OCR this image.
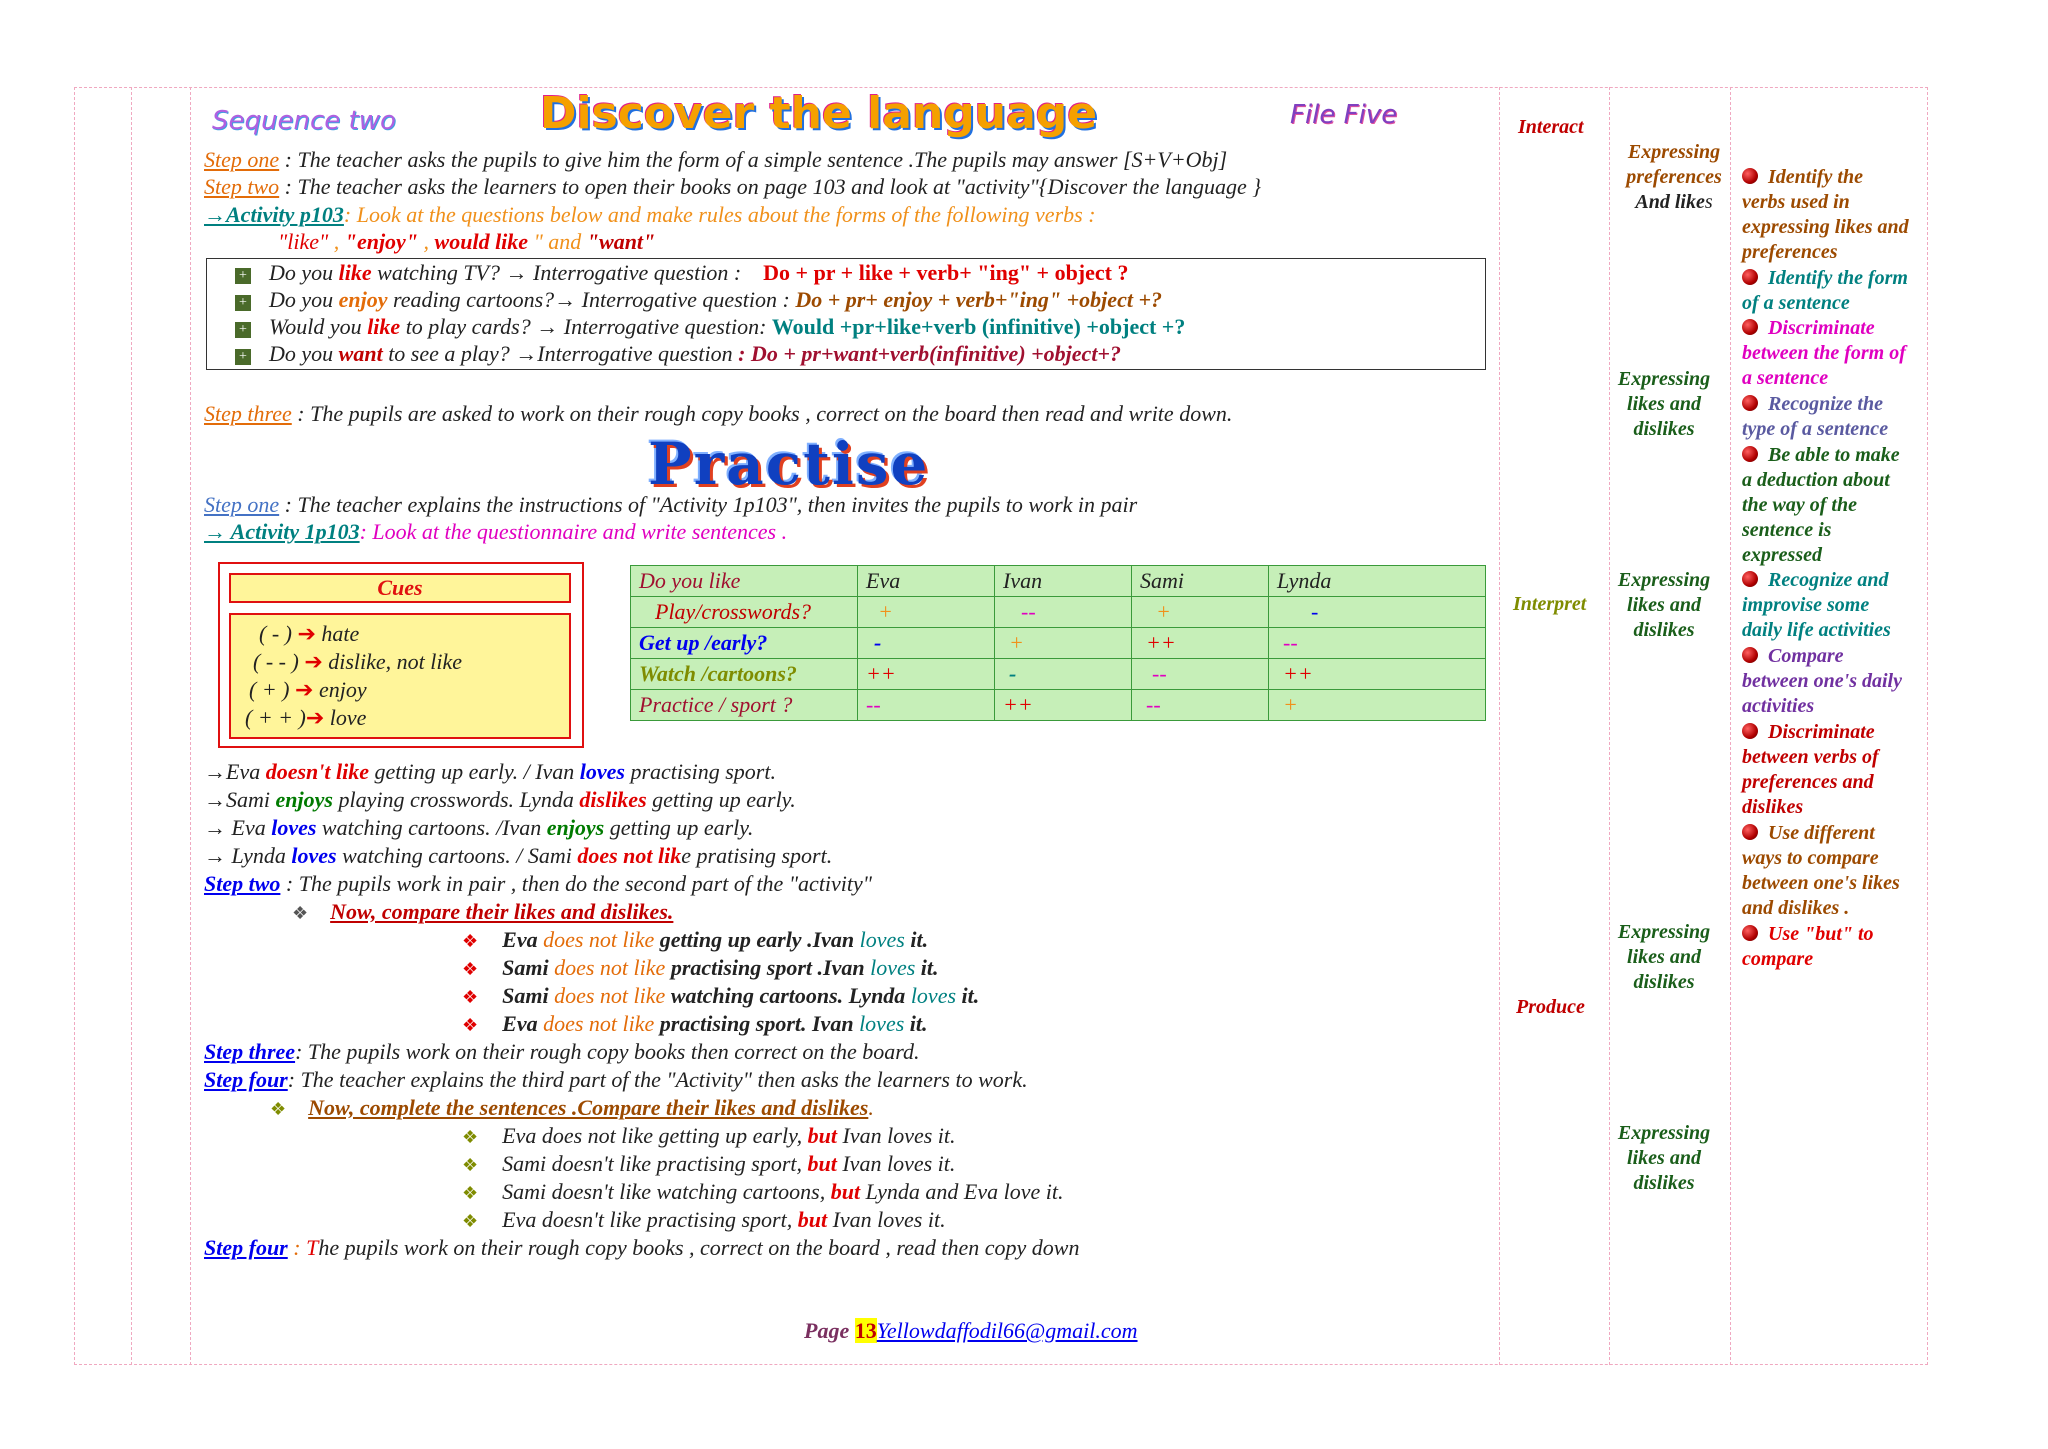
Sequence two	Discover the language	File Five
Step one : The teacher asks the pupils to give him the form of a simple sentence .The pupils may answer [S+V+Obj]
Step two : The teacher asks the learners to open their books on page 103 and look at "activity"{Discover the language }
→Activity p103: Look at the questions below and make rules about the forms of the following verbs :
"like" , "enjoy" , would like " and "want"
+ Do you like watching TV? → Interrogative question : Do + pr + like + verb+ "ing" + object ?
+ Do you enjoy reading cartoons?→ Interrogative question : Do + pr+ enjoy + verb+"ing" +object +?
+ Would you like to play cards? → Interrogative question: Would +pr+like+verb (infinitive) +object +?
+ Do you want to see a play? →Interrogative question : Do + pr+want+verb(infinitive) +object+?
Step three : The pupils are asked to work on their rough copy books , correct on the board then read and write down.
Practise
Step one : The teacher explains the instructions of "Activity 1p103", then invites the pupils to work in pair
→ Activity 1p103: Look at the questionnaire and write sentences .
Cues
( - ) ➔ hate
( - - ) ➔ dislike, not like
( + ) ➔ enjoy
( + + )➔ love
Do you like	Eva	Ivan	Sami	Lynda
Play/crosswords?	+	--	+	-
Get up /early?	-	+	++	--
Watch /cartoons?	++	-	--	++
Practice / sport ?	--	++	--	+
→Eva doesn't like getting up early. / Ivan loves practising sport.
→Sami enjoys playing crosswords. Lynda dislikes getting up early.
→ Eva loves watching cartoons. /Ivan enjoys getting up early.
→ Lynda loves watching cartoons. / Sami does not like pratising sport.
Step two : The pupils work in pair , then do the second part of the "activity"
❖ Now, compare their likes and dislikes.
❖ Eva does not like getting up early .Ivan loves it.
❖ Sami does not like practising sport .Ivan loves it.
❖ Sami does not like watching cartoons. Lynda loves it.
❖ Eva does not like practising sport. Ivan loves it.
Step three: The pupils work on their rough copy books then correct on the board.
Step four: The teacher explains the third part of the "Activity" then asks the learners to work.
❖ Now, complete the sentences .Compare their likes and dislikes.
❖ Eva does not like getting up early, but Ivan loves it.
❖ Sami doesn't like practising sport, but Ivan loves it.
❖ Sami doesn't like watching cartoons, but Lynda and Eva love it.
❖ Eva doesn't like practising sport, but Ivan loves it.
Step four : The pupils work on their rough copy books , correct on the board , read then copy down
Page 13Yellowdaffodil66@gmail.com
Interact
Interpret
Produce
Expressing
preferences
And likes
Expressing
likes and
dislikes
Expressing
likes and
dislikes
Expressing
likes and
dislikes
Expressing
likes and
dislikes
Identify the
verbs used in
expressing likes and
preferences
Identify the form
of a sentence
Discriminate
between the form of
a sentence
Recognize the
type of a sentence
Be able to make
a deduction about
the way of the
sentence is
expressed
Recognize and
improvise some
daily life activities
Compare
between one's daily
activities
Discriminate
between verbs of
preferences and
dislikes
Use different
ways to compare
between one's likes
and dislikes .
Use "but" to
compare
